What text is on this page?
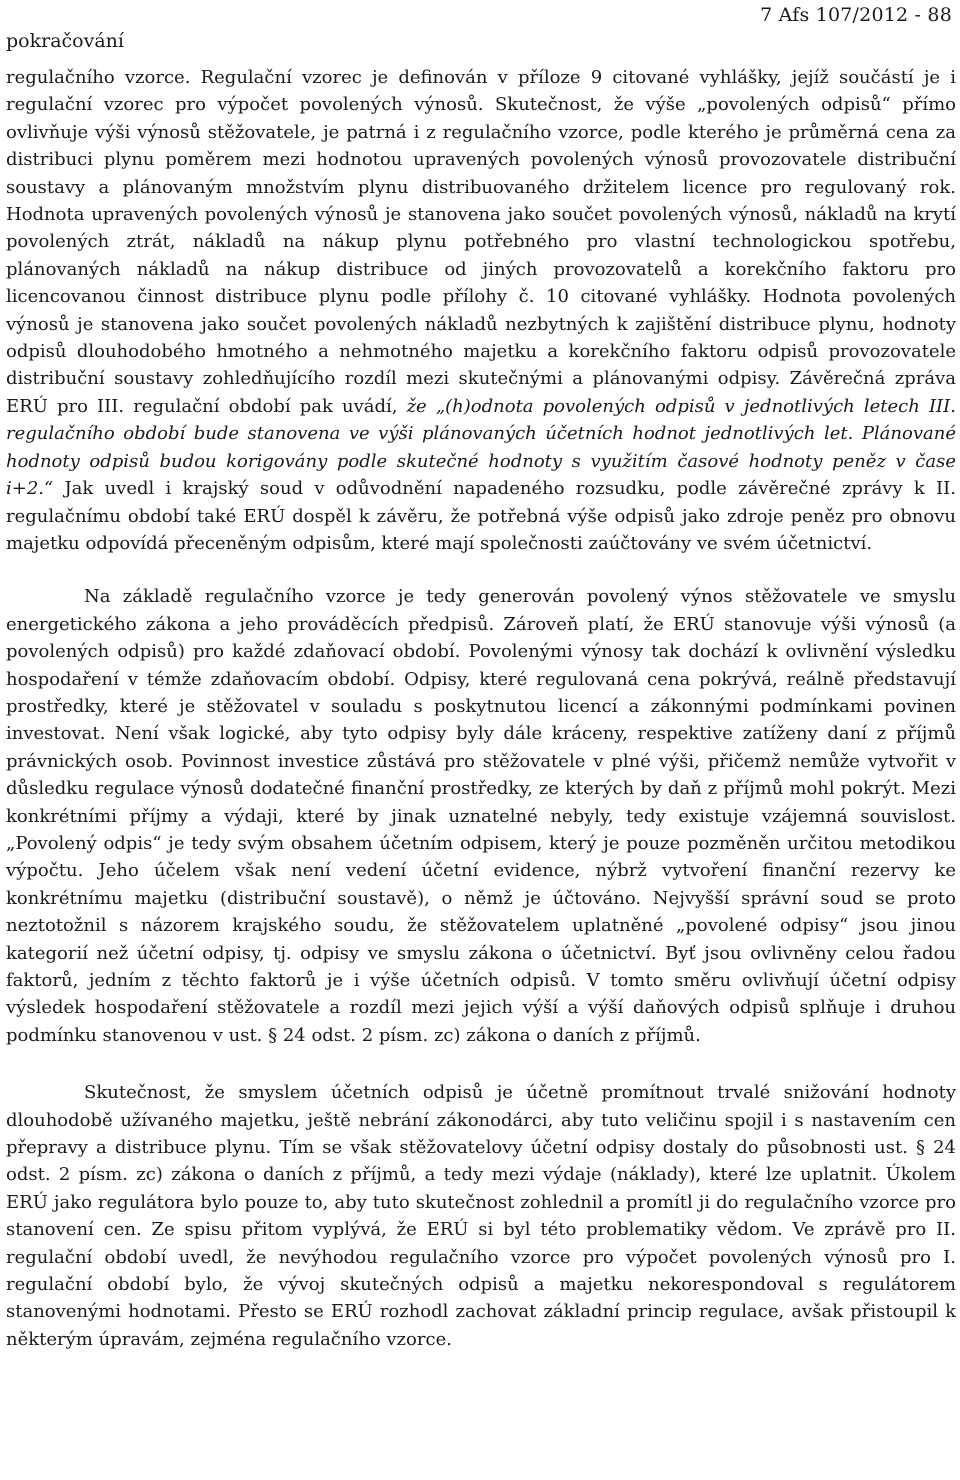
7 Afs 107/2012 - 88
pokračování

regulačního vzorce. Regulační vzorec je definován v příloze 9 citované vyhlášky, jejíž součástí je i regulační vzorec pro výpočet povolených výnosů. Skutečnost, že výše „povolených odpisů“ přímo ovlivňuje výši výnosů stěžovatele, je patrná i z regulačního vzorce, podle kterého je průměrná cena za distribuci plynu poměrem mezi hodnotou upravených povolených výnosů provozovatele distribuční soustavy a plánovaným množstvím plynu distribuovaného držitelem licence pro regulovaný rok. Hodnota upravených povolených výnosů je stanovena jako součet povolených výnosů, nákladů na krytí povolených ztrát, nákladů na nákup plynu potřebného pro vlastní technologickou spotřebu, plánovaných nákladů na nákup distribuce od jiných provozovatelů a korekčního faktoru pro licencovanou činnost distribuce plynu podle přílohy č. 10 citované vyhlášky. Hodnota povolených výnosů je stanovena jako součet povolených nákladů nezbytných k zajištění distribuce plynu, hodnoty odpisů dlouhodobého hmotného a nehmotného majetku a korekčního faktoru odpisů provozovatele distribuční soustavy zohledňujícího rozdíl mezi skutečnými a plánovanými odpisy. Závěrečná zpráva ERÚ pro III. regulační období pak uvádí, že „(h)odnota povolených odpisů v jednotlivých letech III. regulačního období bude stanovena ve výši plánovaných účetních hodnot jednotlivých let. Plánované hodnoty odpisů budou korigovány podle skutečné hodnoty s využitím časové hodnoty peněz v čase i+2.“ Jak uvedl i krajský soud v odůvodnění napadeného rozsudku, podle závěrečné zprávy k II. regulačnímu období také ERÚ dospěl k závěru, že potřebná výše odpisů jako zdroje peněz pro obnovu majetku odpovídá přeceněným odpisům, které mají společnosti zaúčtovány ve svém účetnictví.

Na základě regulačního vzorce je tedy generován povolený výnos stěžovatele ve smyslu energetického zákona a jeho prováděcích předpisů. Zároveň platí, že ERÚ stanovuje výši výnosů (a povolených odpisů) pro každé zdaňovací období. Povolenými výnosy tak dochází k ovlivnění výsledku hospodaření v témže zdaňovacím období. Odpisy, které regulovaná cena pokrývá, reálně představují prostředky, které je stěžovatel v souladu s poskytnutou licencí a zákonnými podmínkami povinen investovat. Není však logické, aby tyto odpisy byly dále kráceny, respektive zatíženy daní z příjmů právnických osob. Povinnost investice zůstává pro stěžovatele v plné výši, přičemž nemůže vytvořit v důsledku regulace výnosů dodatečné finanční prostředky, ze kterých by daň z příjmů mohl pokrýt. Mezi konkrétními příjmy a výdaji, které by jinak uznatelné nebyly, tedy existuje vzájemná souvislost. „Povolený odpis“ je tedy svým obsahem účetním odpisem, který je pouze pozměněn určitou metodikou výpočtu. Jeho účelem však není vedení účetní evidence, nýbrž vytvoření finanční rezervy ke konkrétnímu majetku (distribuční soustavě), o němž je účtováno. Nejvyšší správní soud se proto neztotožnil s názorem krajského soudu, že stěžovatelem uplatněné „povolené odpisy“ jsou jinou kategorií než účetní odpisy, tj. odpisy ve smyslu zákona o účetnictví. Byť jsou ovlivněny celou řadou faktorů, jedním z těchto faktorů je i výše účetních odpisů. V tomto směru ovlivňují účetní odpisy výsledek hospodaření stěžovatele a rozdíl mezi jejich výší a výší daňových odpisů splňuje i druhou podmínku stanovenou v ust. § 24 odst. 2 písm. zc) zákona o daních z příjmů.

Skutečnost, že smyslem účetních odpisů je účetně promítnout trvalé snižování hodnoty dlouhodobě užívaného majetku, ještě nebrání zákonodárci, aby tuto veličinu spojil i s nastavením cen přepravy a distribuce plynu. Tím se však stěžovatelovy účetní odpisy dostaly do působnosti ust. § 24 odst. 2 písm. zc) zákona o daních z příjmů, a tedy mezi výdaje (náklady), které lze uplatnit. Úkolem ERÚ jako regulátora bylo pouze to, aby tuto skutečnost zohlednil a promítl ji do regulačního vzorce pro stanovení cen. Ze spisu přitom vyplývá, že ERÚ si byl této problematiky vědom. Ve zprávě pro II. regulační období uvedl, že nevýhodou regulačního vzorce pro výpočet povolených výnosů pro I. regulační období bylo, že vývoj skutečných odpisů a majetku nekorespondoval s regulátorem stanovenými hodnotami. Přesto se ERÚ rozhodl zachovat základní princip regulace, avšak přistoupil k některým úpravám, zejména regulačního vzorce.
